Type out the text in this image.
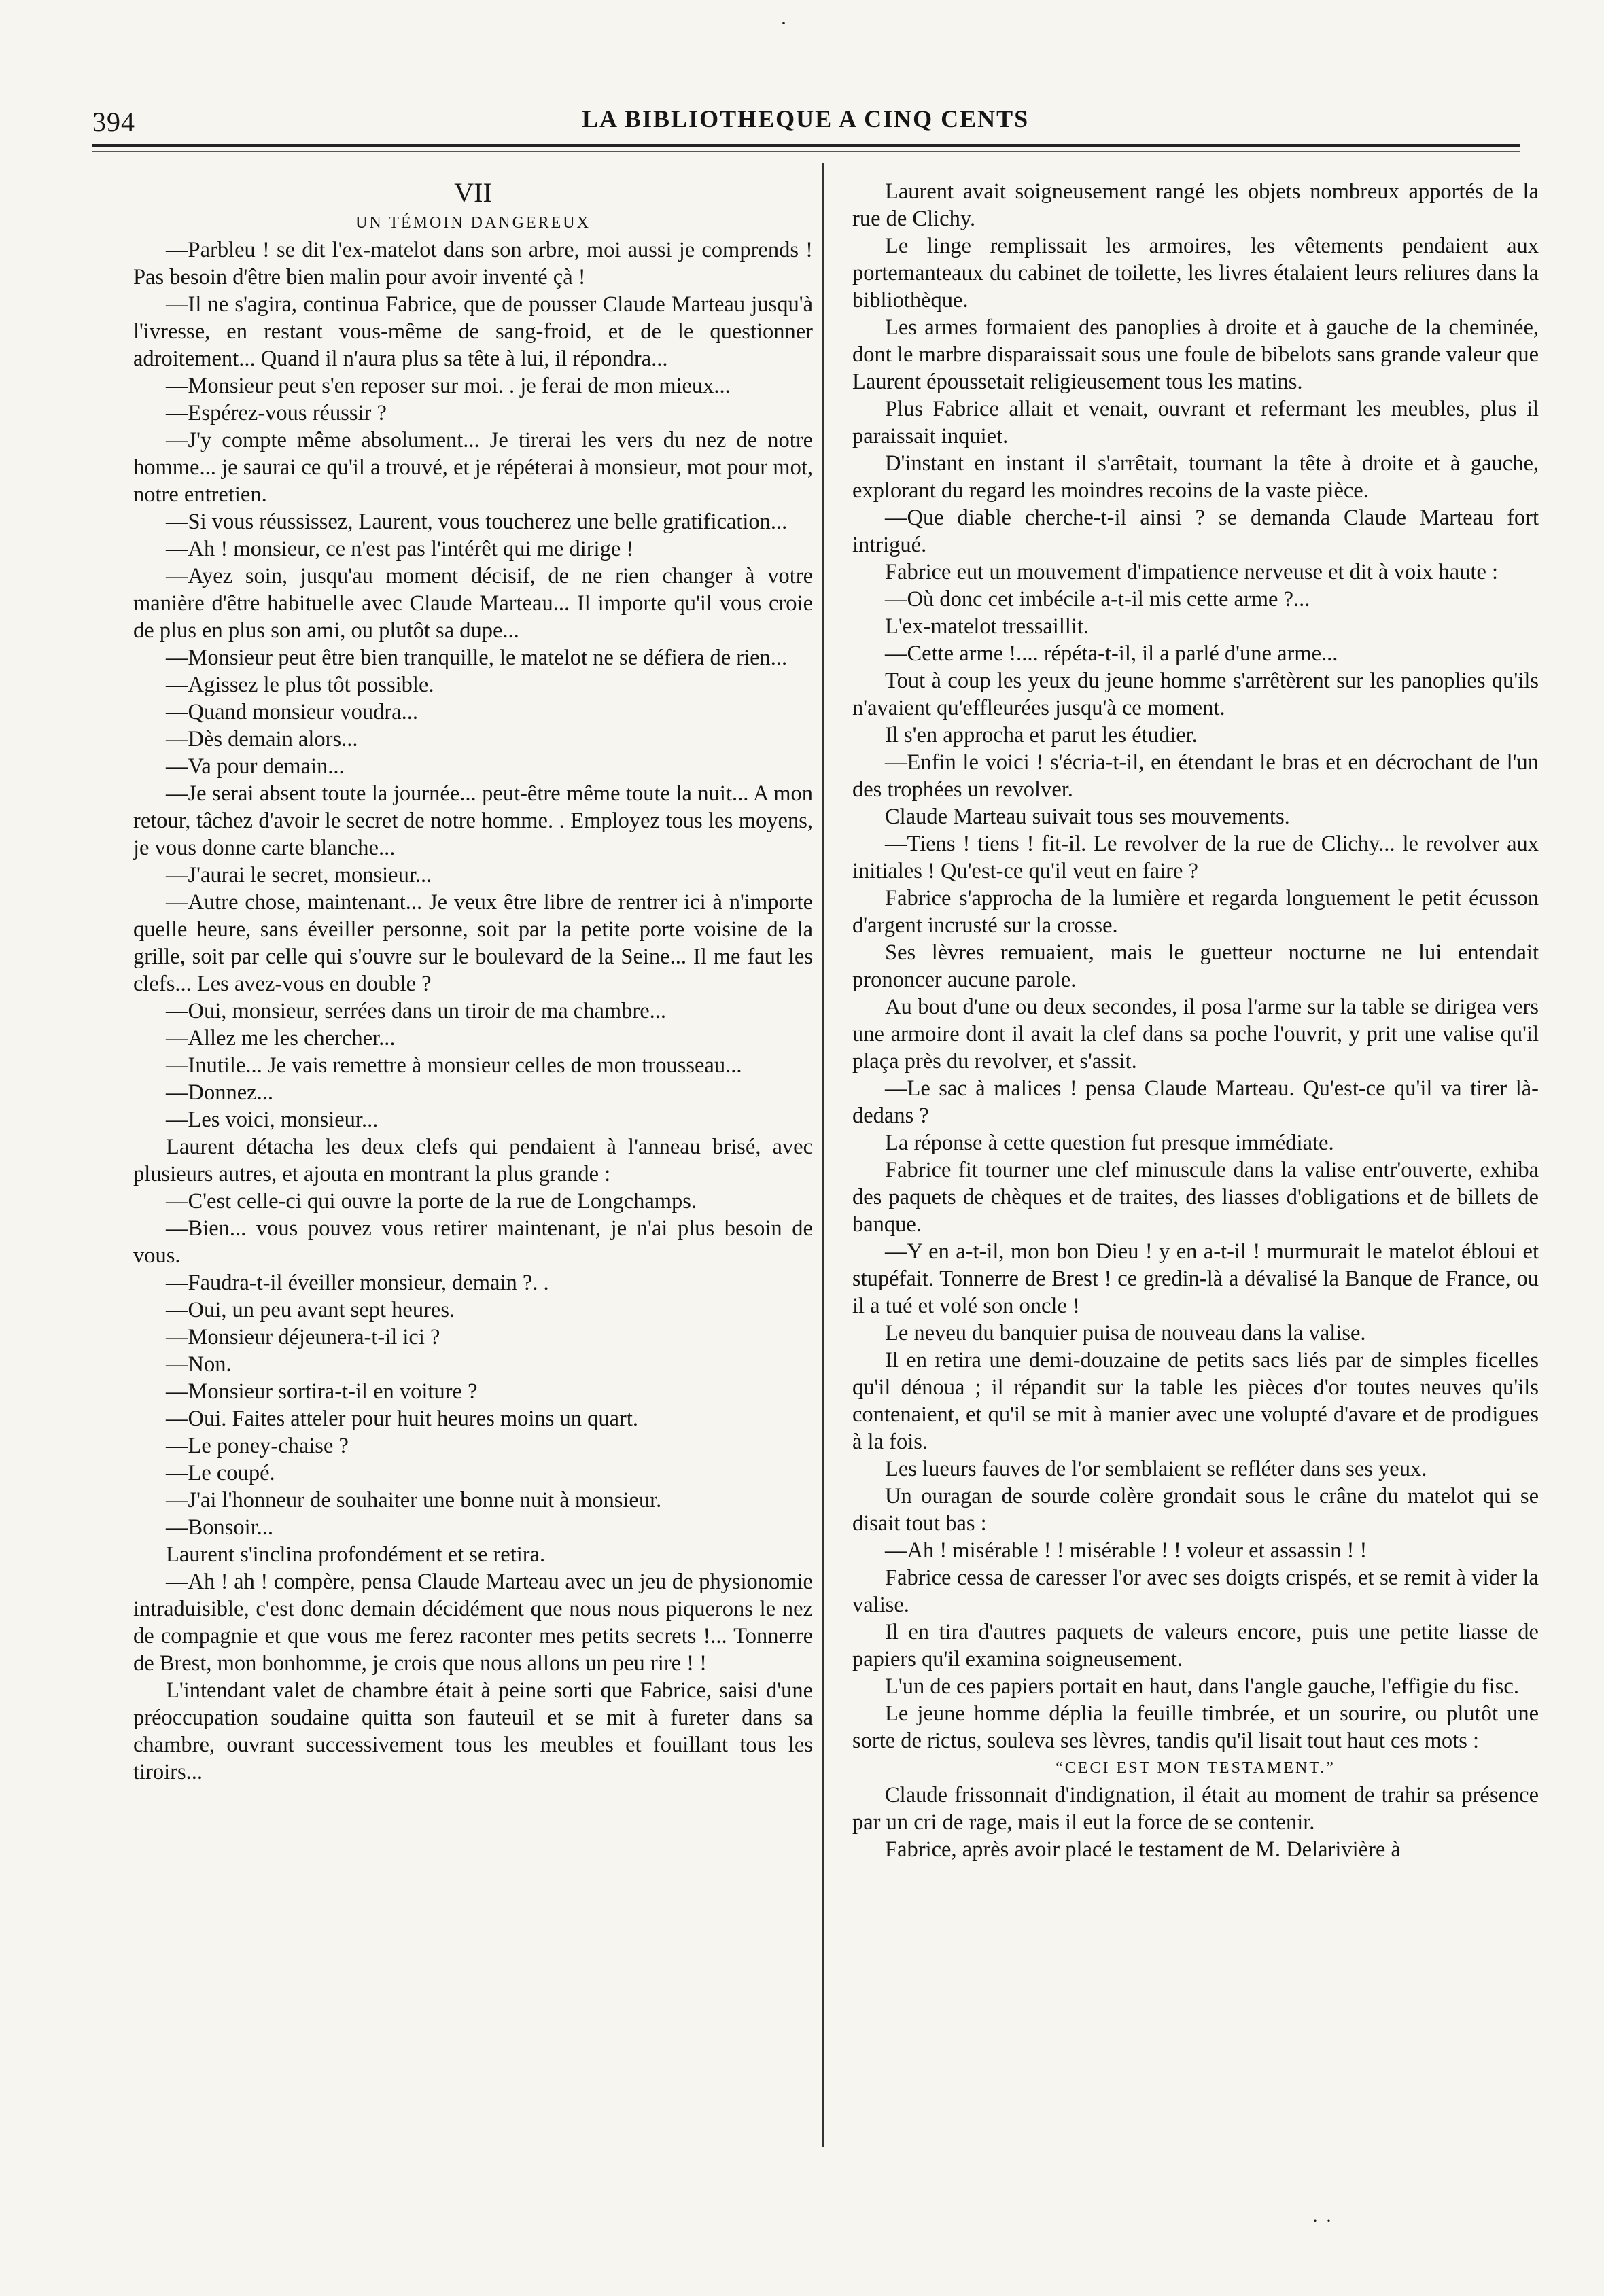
·
394	LA BIBLIOTHEQUE A CINQ CENTS

VII

UN TÉMOIN DANGEREUX

—Parbleu ! se dit l'ex-matelot dans son arbre, moi aussi je comprends ! Pas besoin d'être bien malin pour avoir inventé çà !

—Il ne s'agira, continua Fabrice, que de pousser Claude Marteau jusqu'à l'ivresse, en restant vous-même de sang-froid, et de le questionner adroitement... Quand il n'aura plus sa tête à lui, il répondra...

—Monsieur peut s'en reposer sur moi. . je ferai de mon mieux...

—Espérez-vous réussir ?

—J'y compte même absolument... Je tirerai les vers du nez de notre homme... je saurai ce qu'il a trouvé, et je répéterai à monsieur, mot pour mot, notre entretien.

—Si vous réussissez, Laurent, vous toucherez une belle gratification...

—Ah ! monsieur, ce n'est pas l'intérêt qui me dirige !

—Ayez soin, jusqu'au moment décisif, de ne rien changer à votre manière d'être habituelle avec Claude Marteau... Il importe qu'il vous croie de plus en plus son ami, ou plutôt sa dupe...

—Monsieur peut être bien tranquille, le matelot ne se défiera de rien...

—Agissez le plus tôt possible.

—Quand monsieur voudra...

—Dès demain alors...

—Va pour demain...

—Je serai absent toute la journée... peut-être même toute la nuit... A mon retour, tâchez d'avoir le secret de notre homme. . Employez tous les moyens, je vous donne carte blanche...

—J'aurai le secret, monsieur...

—Autre chose, maintenant... Je veux être libre de rentrer ici à n'importe quelle heure, sans éveiller personne, soit par la petite porte voisine de la grille, soit par celle qui s'ouvre sur le boulevard de la Seine... Il me faut les clefs... Les avez-vous en double ?

—Oui, monsieur, serrées dans un tiroir de ma chambre...

—Allez me les chercher...

—Inutile... Je vais remettre à monsieur celles de mon trousseau...

—Donnez...

—Les voici, monsieur...

Laurent détacha les deux clefs qui pendaient à l'anneau brisé, avec plusieurs autres, et ajouta en montrant la plus grande :

—C'est celle-ci qui ouvre la porte de la rue de Longchamps.

—Bien... vous pouvez vous retirer maintenant, je n'ai plus besoin de vous.

—Faudra-t-il éveiller monsieur, demain ?. .

—Oui, un peu avant sept heures.

—Monsieur déjeunera-t-il ici ?

—Non.

—Monsieur sortira-t-il en voiture ?

—Oui. Faites atteler pour huit heures moins un quart.

—Le poney-chaise ?

—Le coupé.

—J'ai l'honneur de souhaiter une bonne nuit à monsieur.

—Bonsoir...

Laurent s'inclina profondément et se retira.

—Ah ! ah ! compère, pensa Claude Marteau avec un jeu de physionomie intraduisible, c'est donc demain décidément que nous nous piquerons le nez de compagnie et que vous me ferez raconter mes petits secrets !... Tonnerre de Brest, mon bonhomme, je crois que nous allons un peu rire ! !

L'intendant valet de chambre était à peine sorti que Fabrice, saisi d'une préoccupation soudaine quitta son fauteuil et se mit à fureter dans sa chambre, ouvrant successivement tous les meubles et fouillant tous les tiroirs...

Laurent avait soigneusement rangé les objets nombreux apportés de la rue de Clichy.

Le linge remplissait les armoires, les vêtements pendaient aux portemanteaux du cabinet de toilette, les livres étalaient leurs reliures dans la bibliothèque.

Les armes formaient des panoplies à droite et à gauche de la cheminée, dont le marbre disparaissait sous une foule de bibelots sans grande valeur que Laurent époussetait religieusement tous les matins.

Plus Fabrice allait et venait, ouvrant et refermant les meubles, plus il paraissait inquiet.

D'instant en instant il s'arrêtait, tournant la tête à droite et à gauche, explorant du regard les moindres recoins de la vaste pièce.

—Que diable cherche-t-il ainsi ? se demanda Claude Marteau fort intrigué.

Fabrice eut un mouvement d'impatience nerveuse et dit à voix haute :

—Où donc cet imbécile a-t-il mis cette arme ?...

L'ex-matelot tressaillit.

—Cette arme !.... répéta-t-il, il a parlé d'une arme...

Tout à coup les yeux du jeune homme s'arrêtèrent sur les panoplies qu'ils n'avaient qu'effleurées jusqu'à ce moment.

Il s'en approcha et parut les étudier.

—Enfin le voici ! s'écria-t-il, en étendant le bras et en décrochant de l'un des trophées un revolver.

Claude Marteau suivait tous ses mouvements.

—Tiens ! tiens ! fit-il. Le revolver de la rue de Clichy... le revolver aux initiales ! Qu'est-ce qu'il veut en faire ?

Fabrice s'approcha de la lumière et regarda longuement le petit écusson d'argent incrusté sur la crosse.

Ses lèvres remuaient, mais le guetteur nocturne ne lui entendait prononcer aucune parole.

Au bout d'une ou deux secondes, il posa l'arme sur la table se dirigea vers une armoire dont il avait la clef dans sa poche l'ouvrit, y prit une valise qu'il plaça près du revolver, et s'assit.

—Le sac à malices ! pensa Claude Marteau. Qu'est-ce qu'il va tirer là-dedans ?

La réponse à cette question fut presque immédiate.

Fabrice fit tourner une clef minuscule dans la valise entr'ouverte, exhiba des paquets de chèques et de traites, des liasses d'obligations et de billets de banque.

—Y en a-t-il, mon bon Dieu ! y en a-t-il ! murmurait le matelot ébloui et stupéfait. Tonnerre de Brest ! ce gredin-là a dévalisé la Banque de France, ou il a tué et volé son oncle !

Le neveu du banquier puisa de nouveau dans la valise.

Il en retira une demi-douzaine de petits sacs liés par de simples ficelles qu'il dénoua ; il répandit sur la table les pièces d'or toutes neuves qu'ils contenaient, et qu'il se mit à manier avec une volupté d'avare et de prodigues à la fois.

Les lueurs fauves de l'or semblaient se refléter dans ses yeux.

Un ouragan de sourde colère grondait sous le crâne du matelot qui se disait tout bas :

—Ah ! misérable ! ! misérable ! ! voleur et assassin ! !

Fabrice cessa de caresser l'or avec ses doigts crispés, et se remit à vider la valise.

Il en tira d'autres paquets de valeurs encore, puis une petite liasse de papiers qu'il examina soigneusement.

L'un de ces papiers portait en haut, dans l'angle gauche, l'effigie du fisc.

Le jeune homme déplia la feuille timbrée, et un sourire, ou plutôt une sorte de rictus, souleva ses lèvres, tandis qu'il lisait tout haut ces mots :

“CECI EST MON TESTAMENT.”

Claude frissonnait d'indignation, il était au moment de trahir sa présence par un cri de rage, mais il eut la force de se contenir.

Fabrice, après avoir placé le testament de M. Delarivière à

··
